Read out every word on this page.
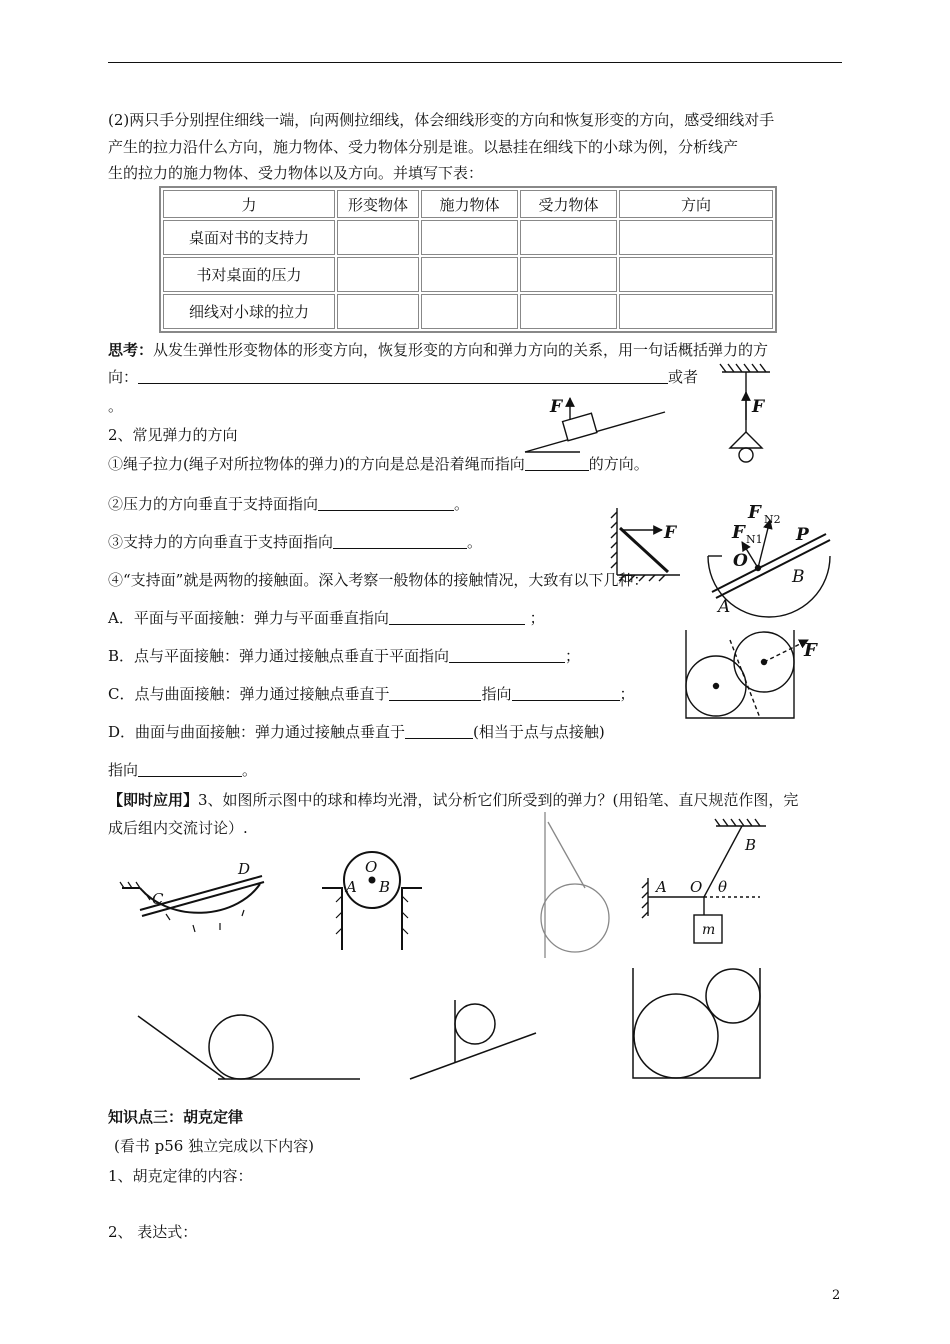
(2)两只手分别捏住细线一端，向两侧拉细线，体会细线形变的方向和恢复形变的方向，感受细线对手
产生的拉力沿什么方向，施力物体、受力物体分别是谁。以悬挂在细线下的小球为例，分析线产
生的拉力的施力物体、受力物体以及方向。并填写下表：
力	形变物体	施力物体	受力物体	方向
桌面对书的支持力				
书对桌面的压力				
细线对小球的拉力				
思考：从发生弹性形变物体的形变方向，恢复形变的方向和弹力方向的关系，用一句话概括弹力的方
向：	或者
。
2、常见弹力的方向
①绳子拉力(绳子对所拉物体的弹力)的方向是总是沿着绳而指向	的方向。
②压力的方向垂直于支持面指向	。
③支持力的方向垂直于支持面指向	。
④“支持面”就是两物的接触面。深入考察一般物体的接触情况，大致有以下几种：
A．平面与平面接触：弹力与平面垂直指向	；
B．点与平面接触：弹力通过接触点垂直于平面指向	；
C．点与曲面接触：弹力通过接触点垂直于	指向	；
D．曲面与曲面接触：弹力通过接触点垂直于	(相当于点与点接触)
指向	。
【即时应用】3、如图所示图中的球和棒均光滑，试分析它们所受到的弹力？(用铅笔、直尺规范作图，完
成后组内交流讨论）.
F	F
F
F N2
F N1
O
P
B
A
F
C
D	O
A B	A O θ
B
m
知识点三：胡克定律
(看书 p56 独立完成以下内容)
1、胡克定律的内容：
2、 表达式：
2
